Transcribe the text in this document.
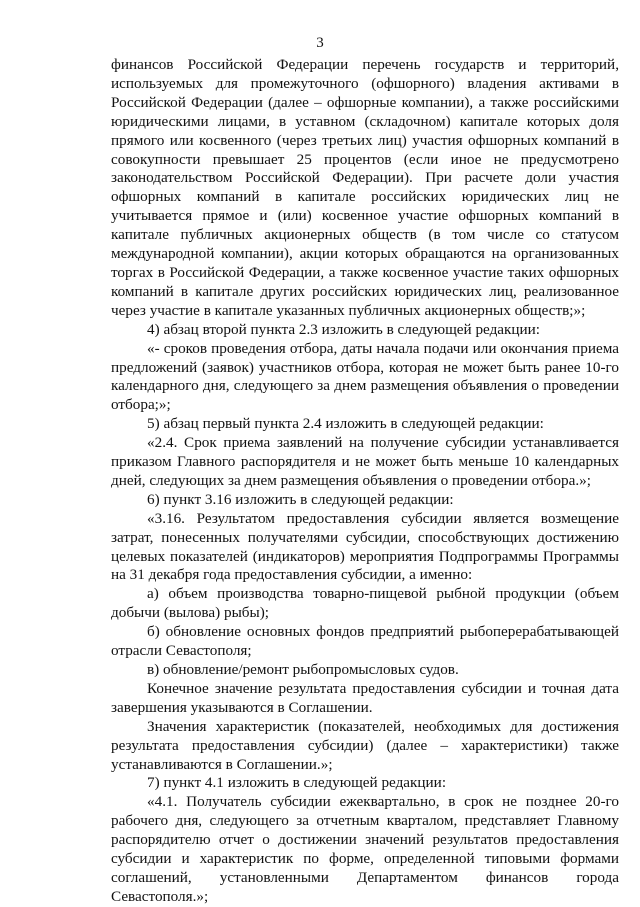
3

финансов Российской Федерации перечень государств и территорий, используемых для промежуточного (офшорного) владения активами в Российской Федерации (далее – офшорные компании), а также российскими юридическими лицами, в уставном (складочном) капитале которых доля прямого или косвенного (через третьих лиц) участия офшорных компаний в совокупности превышает 25 процентов (если иное не предусмотрено законодательством Российской Федерации). При расчете доли участия офшорных компаний в капитале российских юридических лиц не учитывается прямое и (или) косвенное участие офшорных компаний в капитале публичных акционерных обществ (в том числе со статусом международной компании), акции которых обращаются на организованных торгах в Российской Федерации, а также косвенное участие таких офшорных компаний в капитале других российских юридических лиц, реализованное через участие в капитале указанных публичных акционерных обществ;»;

4) абзац второй пункта 2.3 изложить в следующей редакции:

«- сроков проведения отбора, даты начала подачи или окончания приема предложений (заявок) участников отбора, которая не может быть ранее 10-го календарного дня, следующего за днем размещения объявления о проведении отбора;»;

5) абзац первый пункта 2.4 изложить в следующей редакции:

«2.4. Срок приема заявлений на получение субсидии устанавливается приказом Главного распорядителя и не может быть меньше 10 календарных дней, следующих за днем размещения объявления о проведении отбора.»;

6) пункт 3.16 изложить в следующей редакции:

«3.16. Результатом предоставления субсидии является возмещение затрат, понесенных получателями субсидии, способствующих достижению целевых показателей (индикаторов) мероприятия Подпрограммы Программы на 31 декабря года предоставления субсидии, а именно:

а) объем производства товарно-пищевой рыбной продукции (объем добычи (вылова) рыбы);

б) обновление основных фондов предприятий рыбоперерабатывающей отрасли Севастополя;

в) обновление/ремонт рыбопромысловых судов.

Конечное значение результата предоставления субсидии и точная дата завершения указываются в Соглашении.

Значения характеристик (показателей, необходимых для достижения результата предоставления субсидии) (далее – характеристики) также устанавливаются в Соглашении.»;

7) пункт 4.1 изложить в следующей редакции:

«4.1. Получатель субсидии ежеквартально, в срок не позднее 20-го рабочего дня, следующего за отчетным кварталом, представляет Главному распорядителю отчет о достижении значений результатов предоставления субсидии и характеристик по форме, определенной типовыми формами соглашений, установленными Департаментом финансов города Севастополя.»;
